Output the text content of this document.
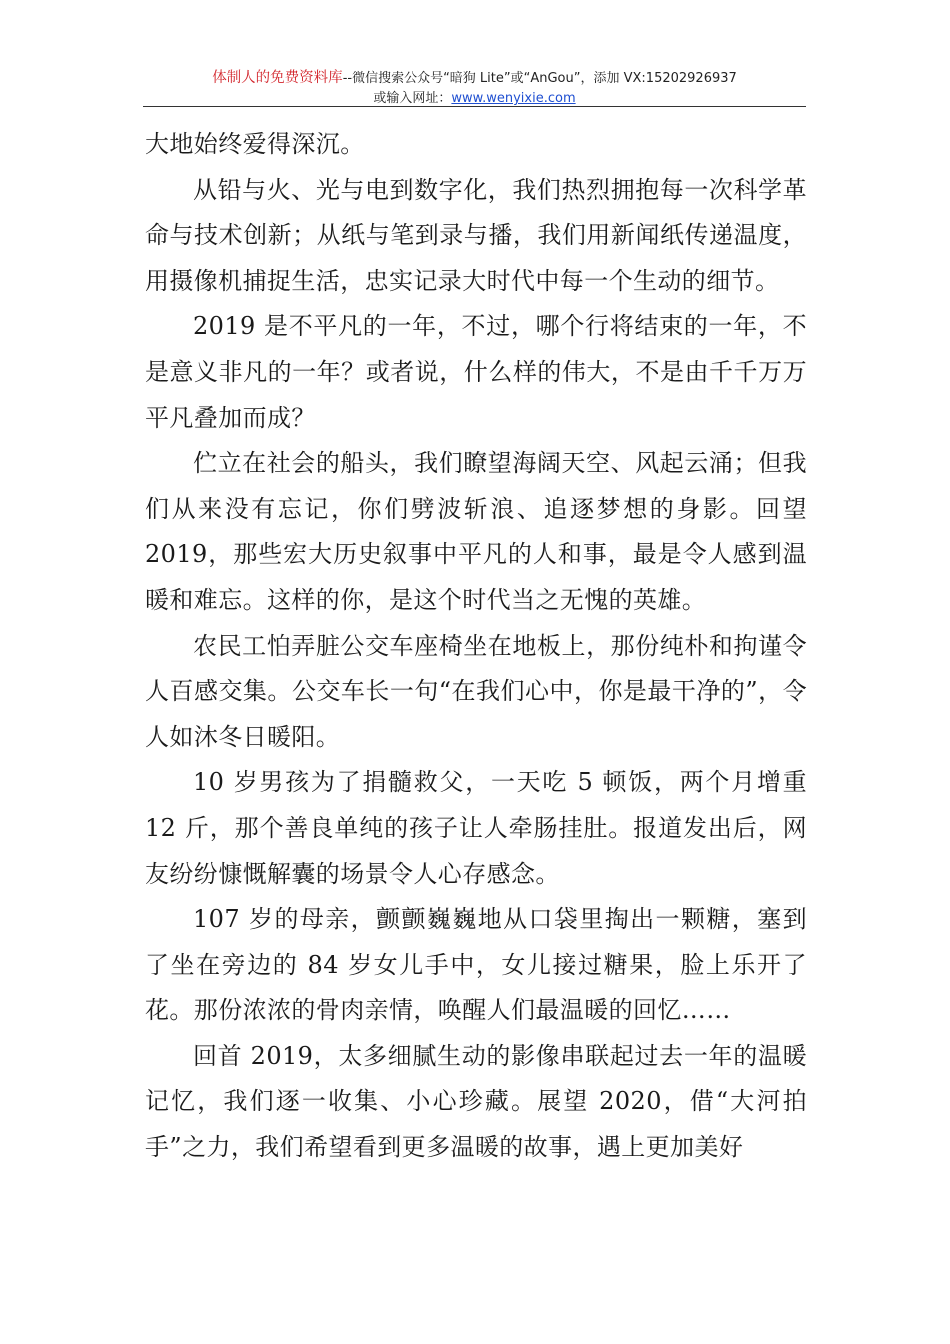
体制人的免费资料库--微信搜索公众号“暗狗 Lite”或“AnGou”，添加 VX:15202926937
或输入网址：www.wenyixie.com

大地始终爱得深沉。

从铅与火、光与电到数字化，我们热烈拥抱每一次科学革命与技术创新；从纸与笔到录与播，我们用新闻纸传递温度，用摄像机捕捉生活，忠实记录大时代中每一个生动的细节。

2019 是不平凡的一年，不过，哪个行将结束的一年，不是意义非凡的一年？或者说，什么样的伟大，不是由千千万万平凡叠加而成？

伫立在社会的船头，我们瞭望海阔天空、风起云涌；但我们从来没有忘记，你们劈波斩浪、追逐梦想的身影。回望 2019，那些宏大历史叙事中平凡的人和事，最是令人感到温暖和难忘。这样的你，是这个时代当之无愧的英雄。

农民工怕弄脏公交车座椅坐在地板上，那份纯朴和拘谨令人百感交集。公交车长一句“在我们心中，你是最干净的”，令人如沐冬日暖阳。

10 岁男孩为了捐髓救父，一天吃 5 顿饭，两个月增重 12 斤，那个善良单纯的孩子让人牵肠挂肚。报道发出后，网友纷纷慷慨解囊的场景令人心存感念。

107 岁的母亲，颤颤巍巍地从口袋里掏出一颗糖，塞到了坐在旁边的 84 岁女儿手中，女儿接过糖果，脸上乐开了花。那份浓浓的骨肉亲情，唤醒人们最温暖的回忆……

回首 2019，太多细腻生动的影像串联起过去一年的温暖记忆，我们逐一收集、小心珍藏。展望 2020，借“大河拍手”之力，我们希望看到更多温暖的故事，遇上更加美好
